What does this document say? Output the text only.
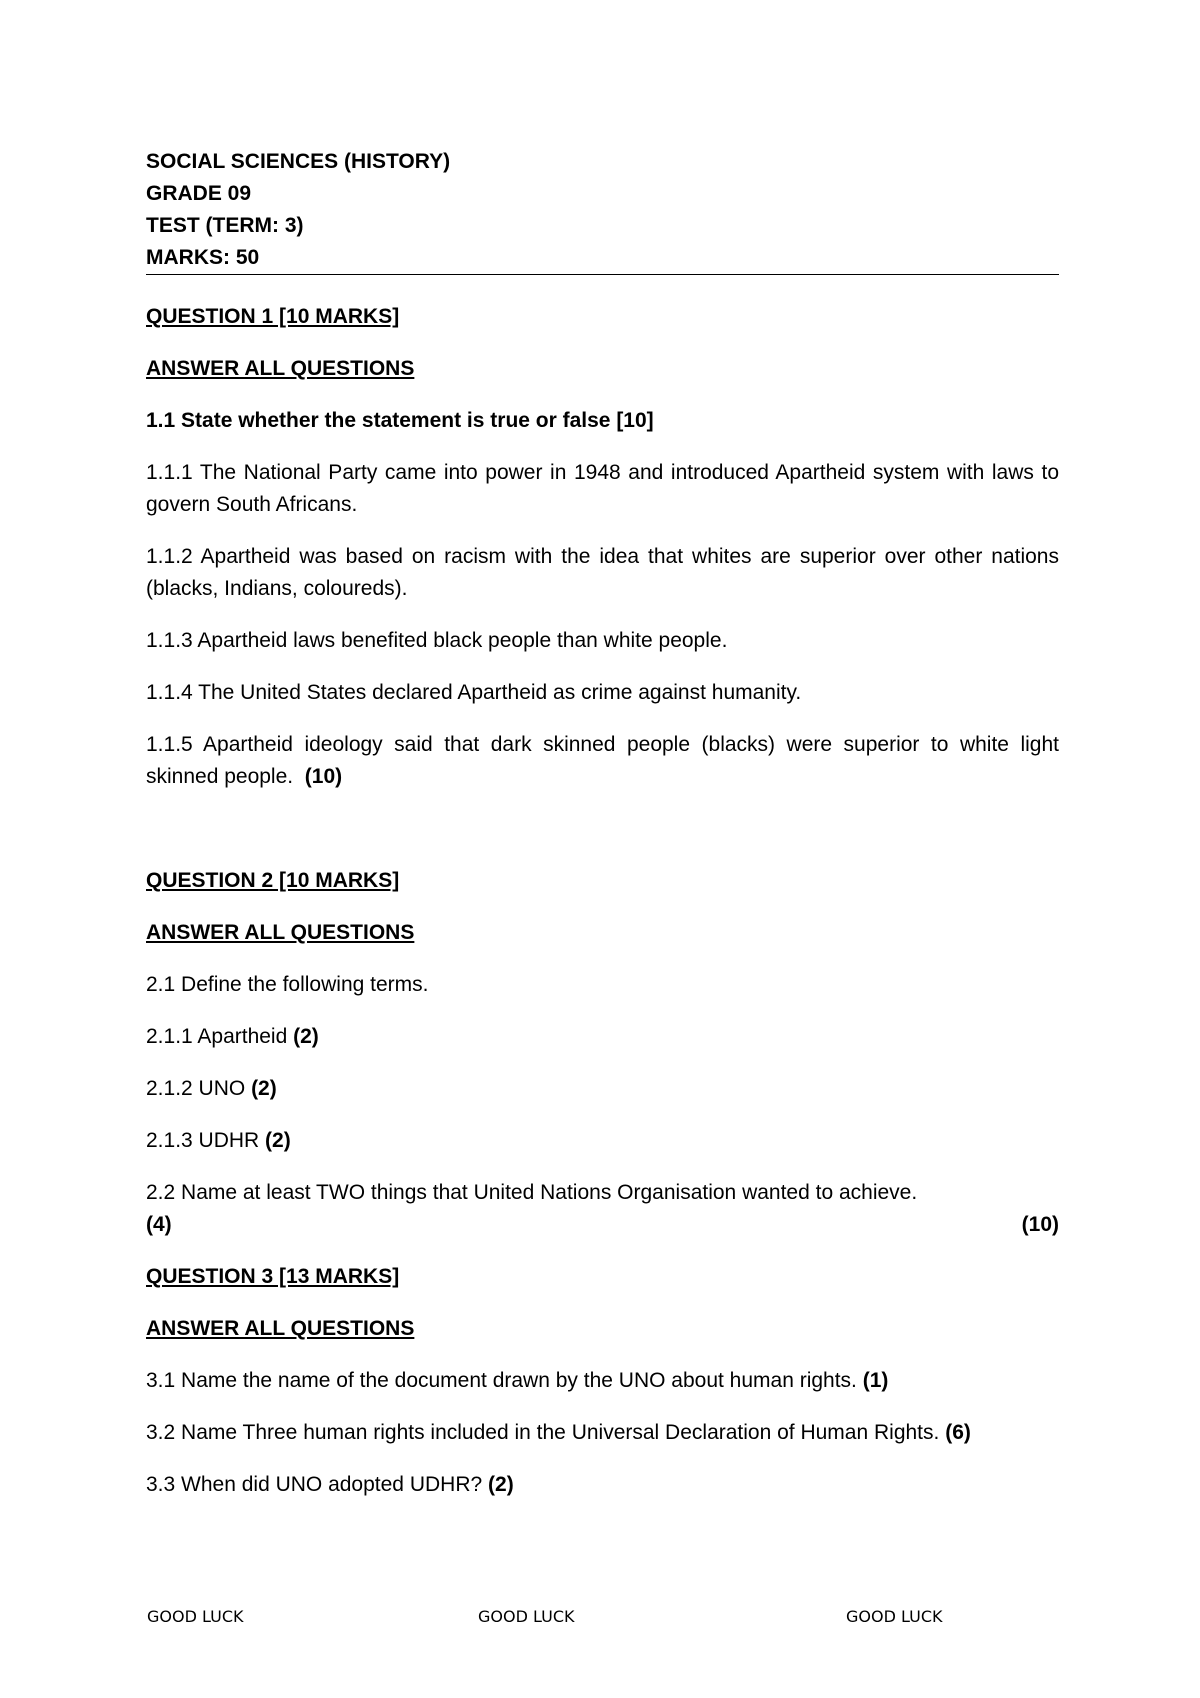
SOCIAL SCIENCES (HISTORY)
GRADE 09
TEST (TERM: 3)
MARKS: 50

QUESTION 1 [10 MARKS]

ANSWER ALL QUESTIONS

1.1 State whether the statement is true or false [10]

1.1.1 The National Party came into power in 1948 and introduced Apartheid system with laws to govern South Africans.

1.1.2 Apartheid was based on racism with the idea that whites are superior over other nations (blacks, Indians, coloureds).

1.1.3 Apartheid laws benefited black people than white people.

1.1.4 The United States declared Apartheid as crime against humanity.

1.1.5 Apartheid ideology said that dark skinned people (blacks) were superior to white light skinned people. (10)

QUESTION 2 [10 MARKS]

ANSWER ALL QUESTIONS

2.1 Define the following terms.

2.1.1 Apartheid (2)

2.1.2 UNO (2)

2.1.3 UDHR (2)

2.2 Name at least TWO things that United Nations Organisation wanted to achieve.

(4)	(10)

QUESTION 3 [13 MARKS]

ANSWER ALL QUESTIONS

3.1 Name the name of the document drawn by the UNO about human rights. (1)

3.2 Name Three human rights included in the Universal Declaration of Human Rights. (6)

3.3 When did UNO adopted UDHR? (2)

GOOD LUCK	GOOD LUCK	GOOD LUCK
